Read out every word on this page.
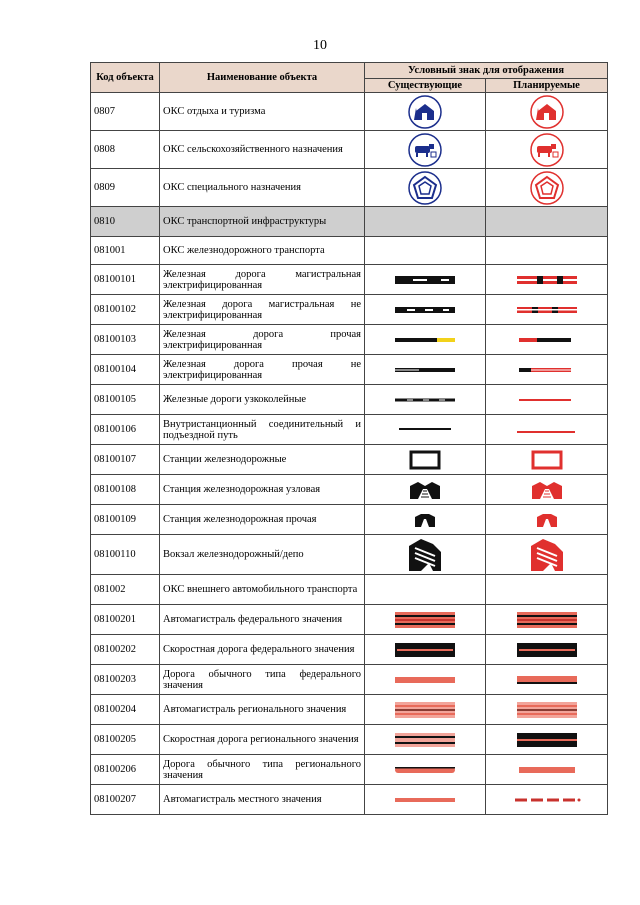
10
Код объекта	Наименование объекта	Условный знак для отображения	
		Существующие	Планируемые
0807	ОКС отдыха и туризма	

0808	ОКС сельскохозяйственного назначения	

0809	ОКС специального назначения	

0810	ОКС транспортной инфраструктуры		
081001	ОКС железнодорожного транспорта		
08100101	Железная дорога магистральная электрифицированная	

08100102	Железная дорога магистральная не электрифицированная	

08100103	Железная дорога прочая электрифицированная	

08100104	Железная дорога прочая не электрифицированная	

08100105	Железные дороги узкоколейные	

08100106	Внутристанционный соединительный и подъездной путь	

08100107	Станции железнодорожные	

08100108	Станция железнодорожная узловая	

08100109	Станция железнодорожная прочая	

08100110	Вокзал железнодорожный/депо	

081002	ОКС внешнего автомобильного транспорта		
08100201	Автомагистраль федерального значения	

08100202	Скоростная дорога федерального значения	

08100203	Дорога обычного типа федерального значения	

08100204	Автомагистраль регионального значения	

08100205	Скоростная дорога регионального значения	

08100206	Дорога обычного типа регионального значения	

08100207	Автомагистраль местного значения	
